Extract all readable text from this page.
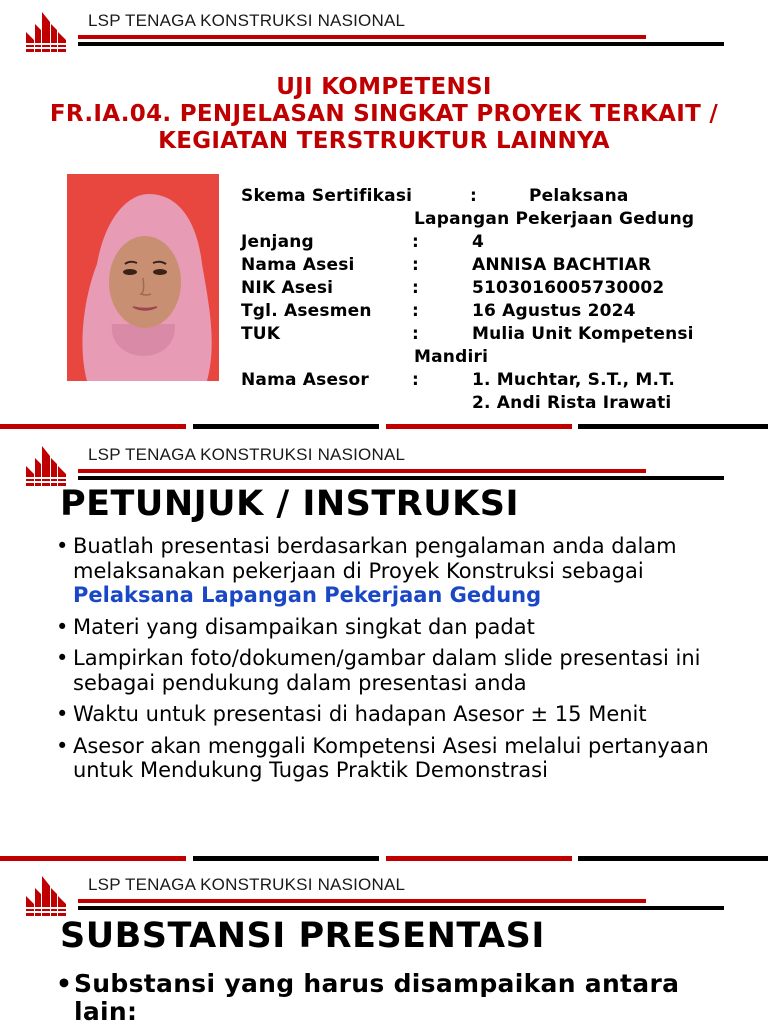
LSP TENAGA KONSTRUKSI NASIONAL
UJI KOMPETENSI
FR.IA.04. PENJELASAN SINGKAT PROYEK TERKAIT /
KEGIATAN TERSTRUKTUR LAINNYA
Skema Sertifikasi	:	Pelaksana
Lapangan Pekerjaan Gedung
Jenjang	:	4
Nama Asesi	:	ANNISA BACHTIAR
NIK Asesi	:	5103016005730002
Tgl. Asesmen :	16 Agustus 2024
TUK	:	Mulia Unit Kompetensi
Mandiri
Nama Asesor	:	1. Muchtar, S.T., M.T.
2. Andi Rista Irawati
LSP TENAGA KONSTRUKSI NASIONAL
PETUNJUK / INSTRUKSI
• Buatlah presentasi berdasarkan pengalaman anda dalam melaksanakan pekerjaan di Proyek Konstruksi sebagai Pelaksana Lapangan Pekerjaan Gedung
• Materi yang disampaikan singkat dan padat
• Lampirkan foto/dokumen/gambar dalam slide presentasi ini sebagai pendukung dalam presentasi anda
• Waktu untuk presentasi di hadapan Asesor ± 15 Menit
• Asesor akan menggali Kompetensi Asesi melalui pertanyaan untuk Mendukung Tugas Praktik Demonstrasi
LSP TENAGA KONSTRUKSI NASIONAL
SUBSTANSI PRESENTASI
• Substansi yang harus disampaikan antara lain:
